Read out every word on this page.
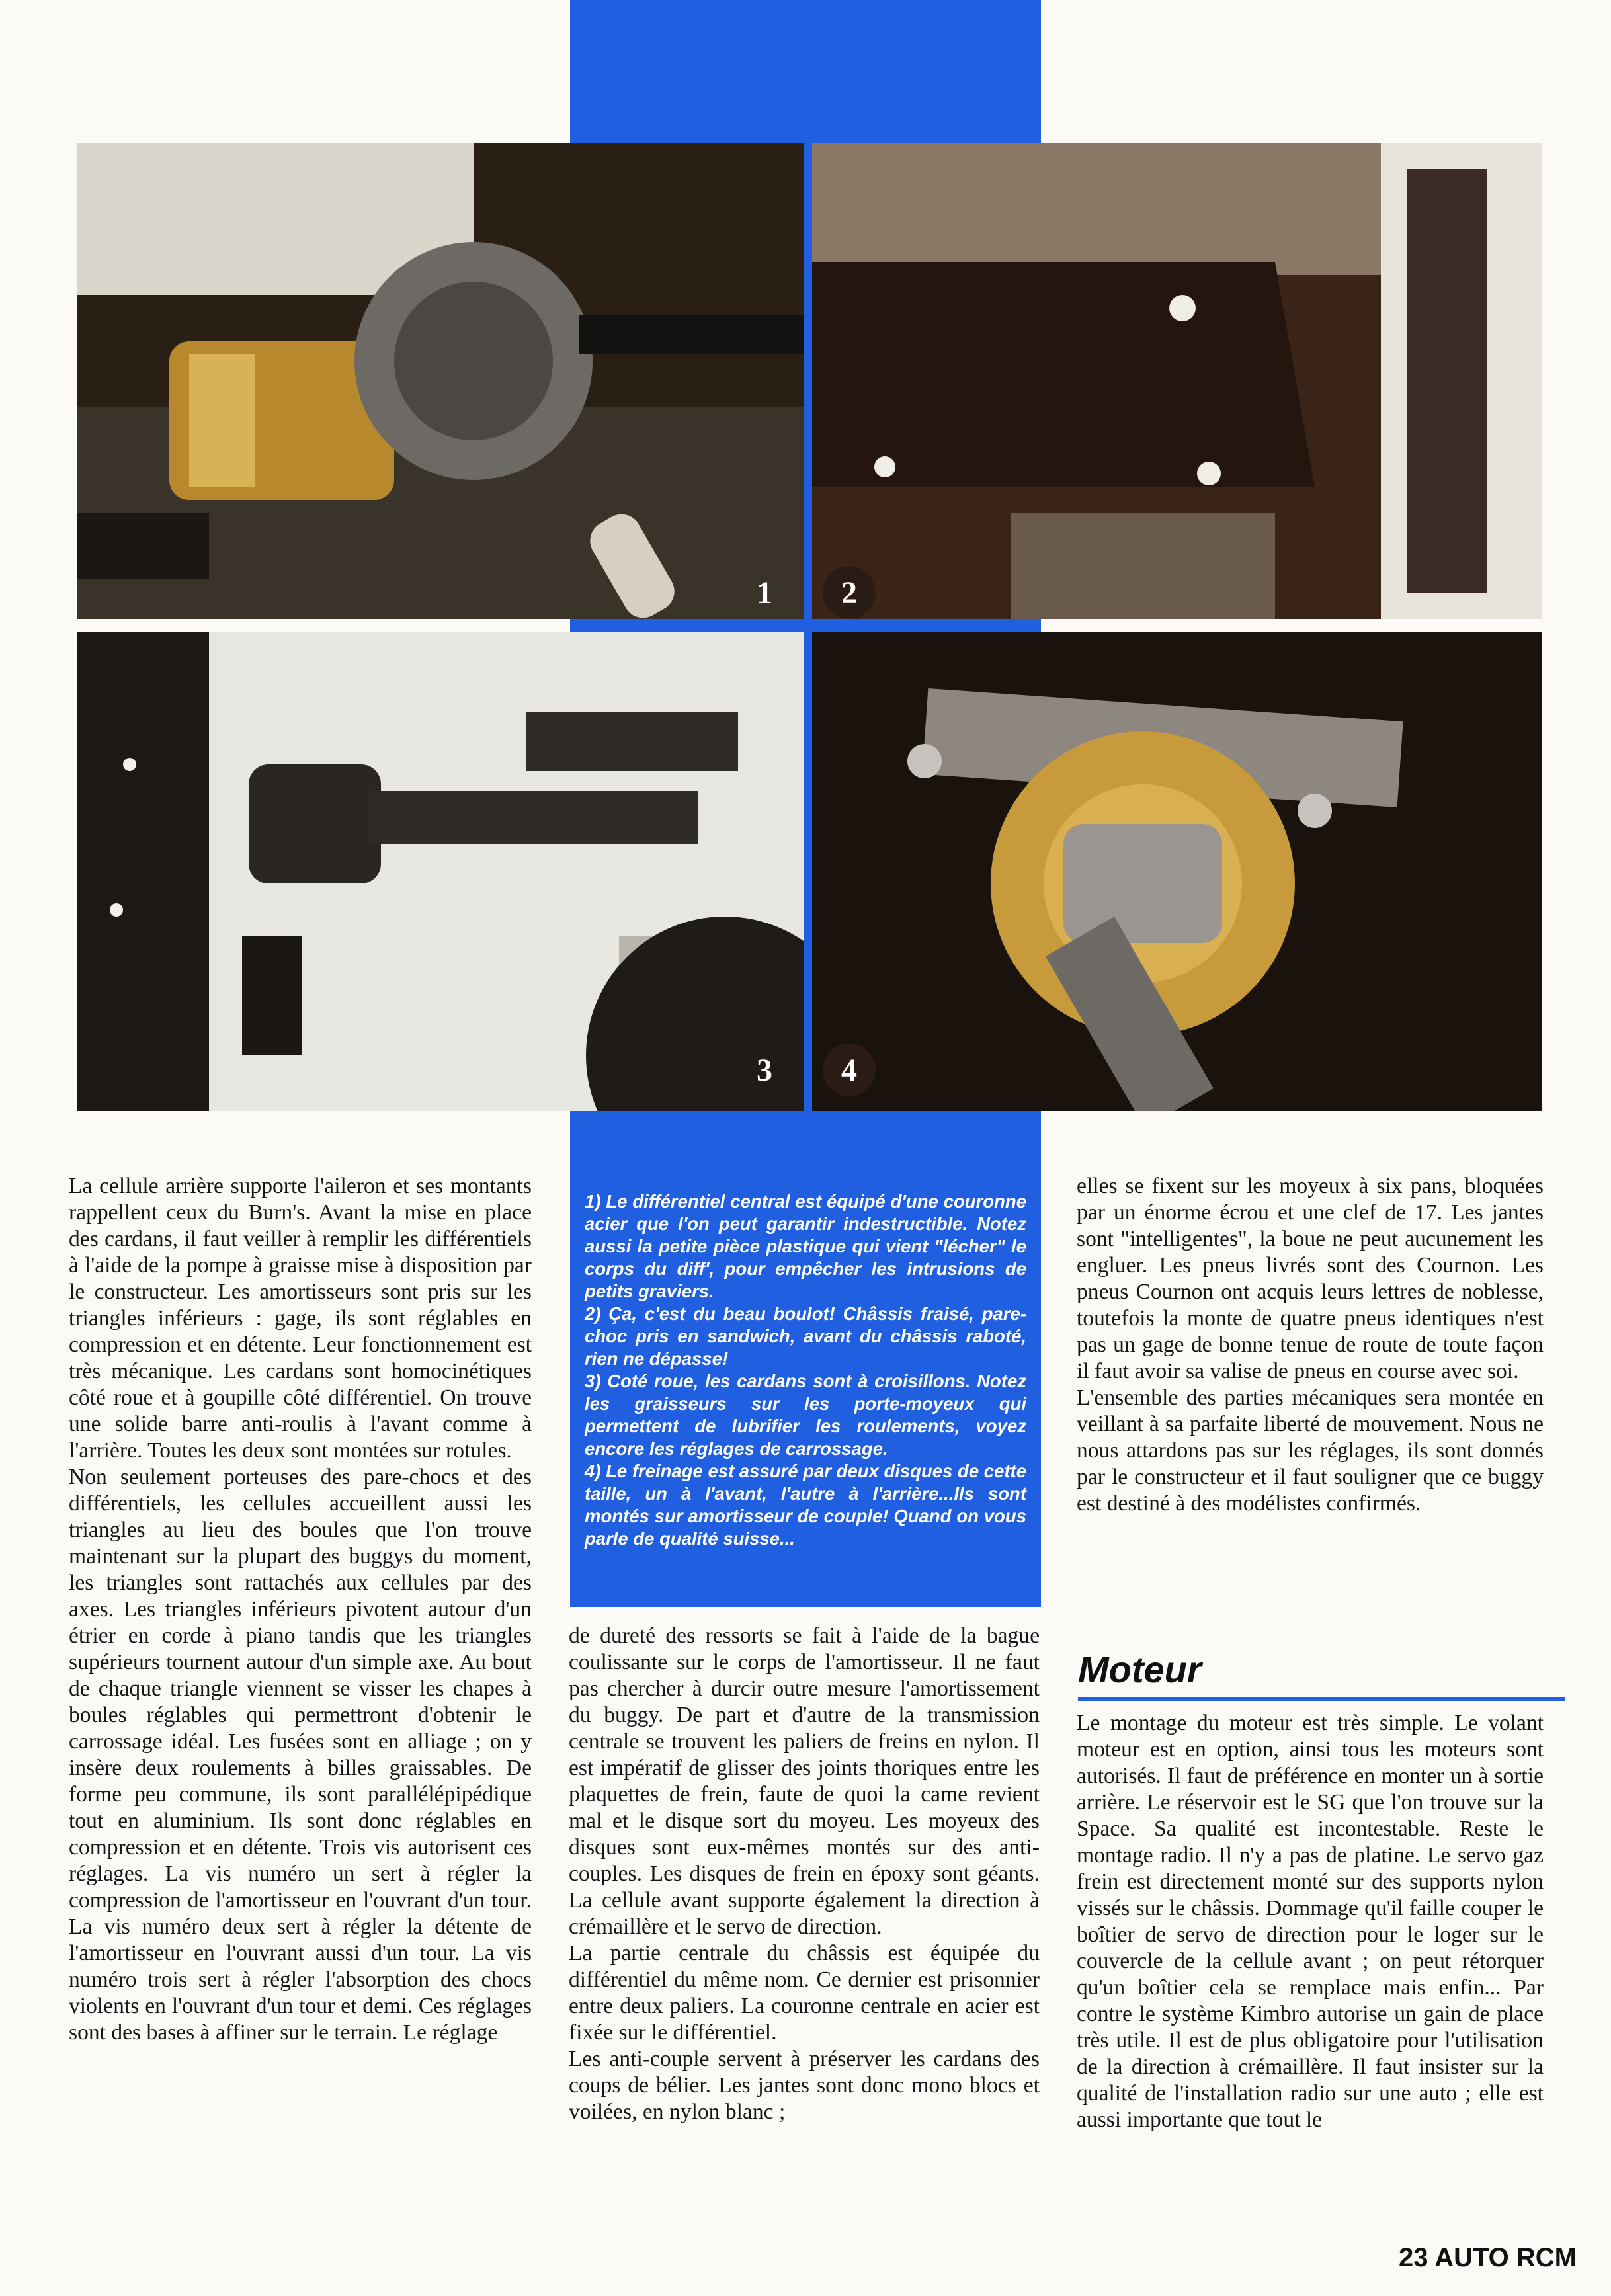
1	2
3	4

La cellule arrière supporte l'aileron et ses montants rappellent ceux du Burn's. Avant la mise en place des cardans, il faut veiller à remplir les différentiels à l'aide de la pompe à graisse mise à disposition par le constructeur. Les amortisseurs sont pris sur les triangles inférieurs : gage, ils sont réglables en compression et en détente. Leur fonctionnement est très mécanique. Les cardans sont homocinétiques côté roue et à goupille côté différentiel. On trouve une solide barre anti-roulis à l'avant comme à l'arrière. Toutes les deux sont montées sur rotules.

Non seulement porteuses des pare-chocs et des différentiels, les cellules accueillent aussi les triangles au lieu des boules que l'on trouve maintenant sur la plupart des buggys du moment, les triangles sont rattachés aux cellules par des axes. Les triangles inférieurs pivotent autour d'un étrier en corde à piano tandis que les triangles supérieurs tournent autour d'un simple axe. Au bout de chaque triangle viennent se visser les chapes à boules réglables qui permettront d'obtenir le carrossage idéal. Les fusées sont en alliage ; on y insère deux roulements à billes graissables. De forme peu commune, ils sont parallélépipédique tout en aluminium. Ils sont donc réglables en compression et en détente. Trois vis autorisent ces réglages. La vis numéro un sert à régler la compression de l'amortisseur en l'ouvrant d'un tour. La vis numéro deux sert à régler la détente de l'amortisseur en l'ouvrant aussi d'un tour. La vis numéro trois sert à régler l'absorption des chocs violents en l'ouvrant d'un tour et demi. Ces réglages sont des bases à affiner sur le terrain. Le réglage

1) Le différentiel central est équipé d'une couronne acier que l'on peut garantir indestructible. Notez aussi la petite pièce plastique qui vient "lécher" le corps du diff', pour empêcher les intrusions de petits graviers.

2) Ça, c'est du beau boulot! Châssis fraisé, pare-choc pris en sandwich, avant du châssis raboté, rien ne dépasse!

3) Coté roue, les cardans sont à croisillons. Notez les graisseurs sur les porte-moyeux qui permettent de lubrifier les roulements, voyez encore les réglages de carrossage.

4) Le freinage est assuré par deux disques de cette taille, un à l'avant, l'autre à l'arrière...Ils sont montés sur amortisseur de couple! Quand on vous parle de qualité suisse...

de dureté des ressorts se fait à l'aide de la bague coulissante sur le corps de l'amortisseur. Il ne faut pas chercher à durcir outre mesure l'amortissement du buggy. De part et d'autre de la transmission centrale se trouvent les paliers de freins en nylon. Il est impératif de glisser des joints thoriques entre les plaquettes de frein, faute de quoi la came revient mal et le disque sort du moyeu. Les moyeux des disques sont eux-mêmes montés sur des anti-couples. Les disques de frein en époxy sont géants. La cellule avant supporte également la direction à crémaillère et le servo de direction.

La partie centrale du châssis est équipée du différentiel du même nom. Ce dernier est prisonnier entre deux paliers. La couronne centrale en acier est fixée sur le différentiel.

Les anti-couple servent à préserver les cardans des coups de bélier. Les jantes sont donc mono blocs et voilées, en nylon blanc ;

elles se fixent sur les moyeux à six pans, bloquées par un énorme écrou et une clef de 17. Les jantes sont "intelligentes", la boue ne peut aucunement les engluer. Les pneus livrés sont des Cournon. Les pneus Cournon ont acquis leurs lettres de noblesse, toutefois la monte de quatre pneus identiques n'est pas un gage de bonne tenue de route de toute façon il faut avoir sa valise de pneus en course avec soi.

L'ensemble des parties mécaniques sera montée en veillant à sa parfaite liberté de mouvement. Nous ne nous attardons pas sur les réglages, ils sont donnés par le constructeur et il faut souligner que ce buggy est destiné à des modélistes confirmés.

Moteur

Le montage du moteur est très simple. Le volant moteur est en option, ainsi tous les moteurs sont autorisés. Il faut de préférence en monter un à sortie arrière. Le réservoir est le SG que l'on trouve sur la Space. Sa qualité est incontestable. Reste le montage radio. Il n'y a pas de platine. Le servo gaz frein est directement monté sur des supports nylon vissés sur le châssis. Dommage qu'il faille couper le boîtier de servo de direction pour le loger sur le couvercle de la cellule avant ; on peut rétorquer qu'un boîtier cela se remplace mais enfin... Par contre le système Kimbro autorise un gain de place très utile. Il est de plus obligatoire pour l'utilisation de la direction à crémaillère. Il faut insister sur la qualité de l'installation radio sur une auto ; elle est aussi importante que tout le

23 AUTO RCM
